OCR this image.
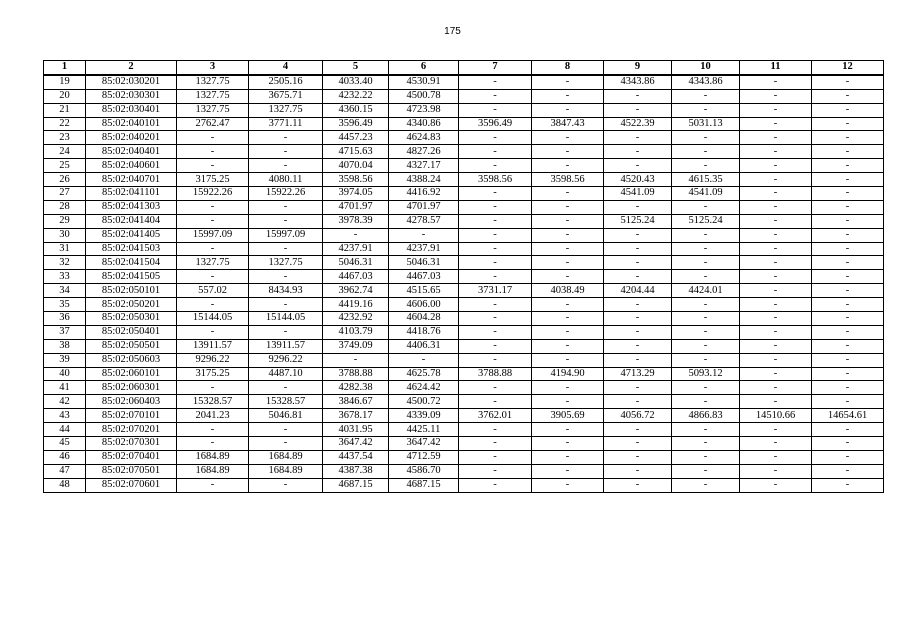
175
1	2	3	4	5	6	7	8	9	10	11	12
19	85:02:030201	1327.75	2505.16	4033.40	4530.91	-	-	4343.86	4343.86	-	-
20	85:02:030301	1327.75	3675.71	4232.22	4500.78	-	-	-	-	-	-
21	85:02:030401	1327.75	1327.75	4360.15	4723.98	-	-	-	-	-	-
22	85:02:040101	2762.47	3771.11	3596.49	4340.86	3596.49	3847.43	4522.39	5031.13	-	-
23	85:02:040201	-	-	4457.23	4624.83	-	-	-	-	-	-
24	85:02:040401	-	-	4715.63	4827.26	-	-	-	-	-	-
25	85:02:040601	-	-	4070.04	4327.17	-	-	-	-	-	-
26	85:02:040701	3175.25	4080.11	3598.56	4388.24	3598.56	3598.56	4520.43	4615.35	-	-
27	85:02:041101	15922.26	15922.26	3974.05	4416.92	-	-	4541.09	4541.09	-	-
28	85:02:041303	-	-	4701.97	4701.97	-	-	-	-	-	-
29	85:02:041404	-	-	3978.39	4278.57	-	-	5125.24	5125.24	-	-
30	85:02:041405	15997.09	15997.09	-	-	-	-	-	-	-	-
31	85:02:041503	-	-	4237.91	4237.91	-	-	-	-	-	-
32	85:02:041504	1327.75	1327.75	5046.31	5046.31	-	-	-	-	-	-
33	85:02:041505	-	-	4467.03	4467.03	-	-	-	-	-	-
34	85:02:050101	557.02	8434.93	3962.74	4515.65	3731.17	4038.49	4204.44	4424.01	-	-
35	85:02:050201	-	-	4419.16	4606.00	-	-	-	-	-	-
36	85:02:050301	15144.05	15144.05	4232.92	4604.28	-	-	-	-	-	-
37	85:02:050401	-	-	4103.79	4418.76	-	-	-	-	-	-
38	85:02:050501	13911.57	13911.57	3749.09	4406.31	-	-	-	-	-	-
39	85:02:050603	9296.22	9296.22	-	-	-	-	-	-	-	-
40	85:02:060101	3175.25	4487.10	3788.88	4625.78	3788.88	4194.90	4713.29	5093.12	-	-
41	85:02:060301	-	-	4282.38	4624.42	-	-	-	-	-	-
42	85:02:060403	15328.57	15328.57	3846.67	4500.72	-	-	-	-	-	-
43	85:02:070101	2041.23	5046.81	3678.17	4339.09	3762.01	3905.69	4056.72	4866.83	14510.66	14654.61
44	85:02:070201	-	-	4031.95	4425.11	-	-	-	-	-	-
45	85:02:070301	-	-	3647.42	3647.42	-	-	-	-	-	-
46	85:02:070401	1684.89	1684.89	4437.54	4712.59	-	-	-	-	-	-
47	85:02:070501	1684.89	1684.89	4387.38	4586.70	-	-	-	-	-	-
48	85:02:070601	-	-	4687.15	4687.15	-	-	-	-	-	-
